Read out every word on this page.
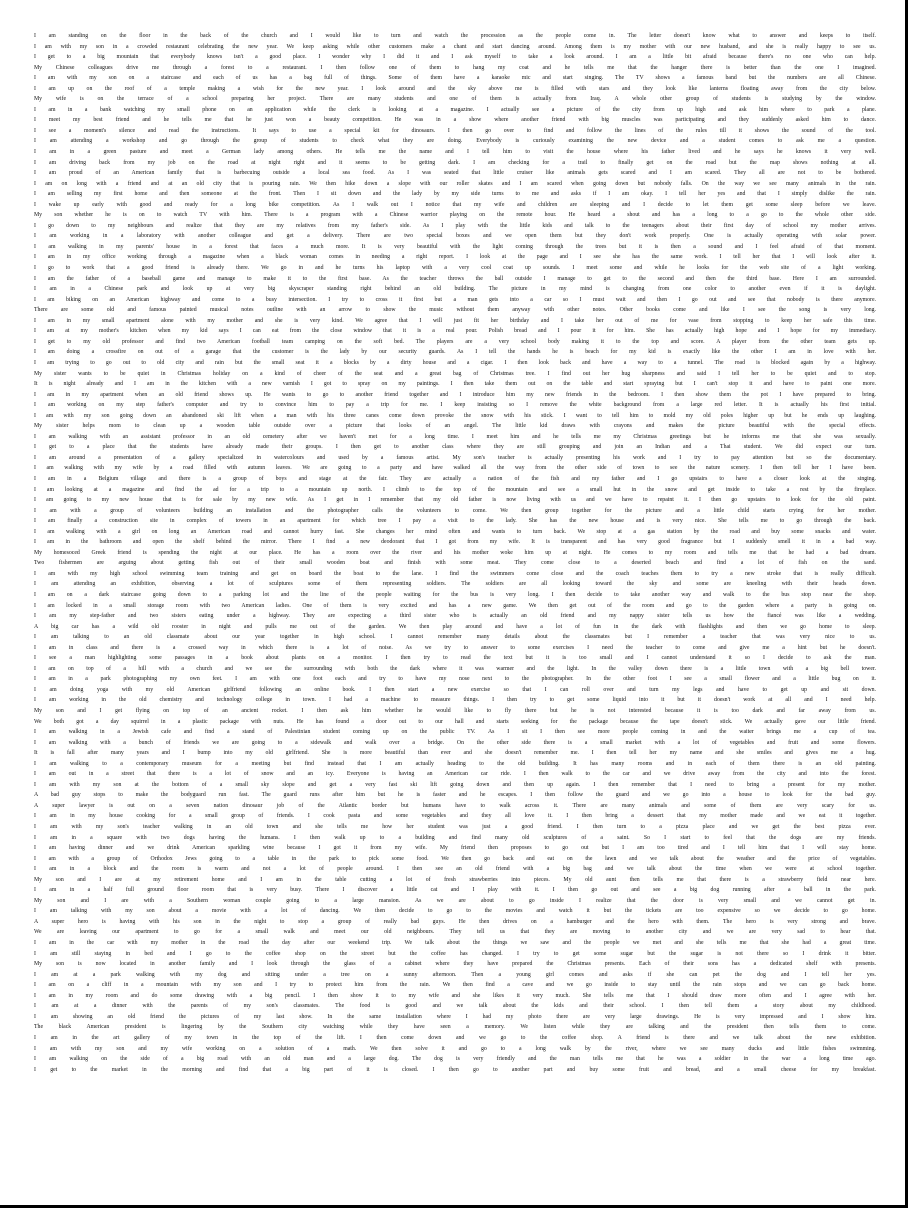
I am standing on the floor in the back of the church and I would like to turn and watch the procession as the people come in. The letter doesn't know what to answer and keeps to itself.
I am with my son in a crowded restaurant celebrating the new year. We keep asking while other customers make a chant and start dancing around. Among them is my mother with our new husband, and she is really happy to see us.
I get to a big mountain that everybody knows isn't a good place. I wonder why I did it and I ask myself to take a look around. I am a little bit afraid because there's no one who can help.
My Chinese colleagues drive me through a forest to a restaurant. I then follow one of them to hang my coat and he tells me that the hanger there is better than the one I imagined.
I am with my son on a staircase and each of us has a bag full of things. Some of them have a karaoke mic and start singing. The TV shows a famous band but the numbers are all Chinese.
I am up on the roof of a temple making a wish for the new year. I look around and the sky above me is filled with stars and they look like lanterns floating away from the city below.
My wife is on the terrace of a school preparing her project. There are many students and one of them is actually from Iraq. A whole other group of students is studying by the window.
I am in a bank watching my small phone on an application while the clerk is looking at a magazine. I actually see a picture of the city from up high and ask him where to park a plane.
I meet my best friend and he tells me that he just won a beauty competition. He was in a show where another friend with big muscles was participating and they suddenly asked him to dance.
I see a moment's silence and read the instructions. It says to use a special kit for dinosaurs. I then go over to find and follow the lines of the rules till it shows the sound of the tool.
I am attending a workshop and go through the group of students to check what they are doing. Everybody is curiously examining the new device and a student comes to ask me a question.
I am in a green pasture and meet a German lady among others. He tells me the name and I tell him to visit the house where his father lived and he says he knows it very well.
I am driving back from my job on the road at night right and it seems to be getting dark. I am checking for a trail to finally get on the road but the map shows nothing at all.
I am proud of an American family that is barbecuing outside a local sea food. As I was seated that little cruiser like animals gets scared and I am scared. They all are not to be bothered.
I am on long with a friend and at an old city that is pouring rain. We then hike down a slope with our roller skates and I am scared when going down but nobody falls. On the way we see many animals in the rain.
I am selling my first home and then someone at the front. Then I sit down and the lady by my side turns to me and asks if I am okay. I tell her yes and that I simply dislike the rain.
I wake up early with good and ready for a long bike competition. As I walk out I notice that my wife and children are sleeping and I decide to let them get some sleep before we leave.
My son whether he is on to watch TV with him. There is a program with a Chinese warrior playing on the remote hour. He heard a shout and has a long to a go to the whole other side.
I go down to my neighbours and realize that they are my relatives from my father's side. As I play with the little kids and talk to the teenagers about their first day of school my mother arrives.
I am working in a laboratory with another colleague and get a delivery. There are two special boxes and we open them but they don't work properly. One is actually operating with solar power.
I am walking in my parents' house in a forest that faces a much more. It is very beautiful with the light coming through the trees but it is then a sound and I feel afraid of that moment.
I am in my office working through a magazine when a black woman comes in needing a right report. I look at the page and I see she has the same work. I tell her that I will look after it.
I go to work that a good friend is already there. We go in and he turns his laptop with a very cool coat up sounds. I meet some and while he looks for the web site of a light working.
I am the father of a baseball game and manage to make it to the first base. As the teacher throws the ball outside I manage to get to the second and then the third base. Here I am surrounded.
I am in a Chinese park and look up at very big skyscraper standing right behind an old building. The picture in my mind is changing from one color to another even if it is daylight.
I am biking on an American highway and come to a busy intersection. I try to cross it first but a man gets into a car so I must wait and then I go out and see that nobody is there anymore.
There are some old and famous painted musical notes outline with an arrow to show the music without them anyway with other notes. Other books come and like I see the song is very long.
I am in my small apartment alone with my mother and she is very kind. We agree that I will just fit her birthday and I take her out of me for vase from stopping to keep her safe this time.
I am at my mother's kitchen when my kid says I can eat from the close window that it is a real pour. Polish bread and I pour it for him. She has actually high hope and I hope for my immediacy.
I get to my old professor and find two American football team camping on the soft bed. The players are a very school body making it to the top and score. A player from the other team gets up.
I am doing a crossfire on out of a garage that the customer is the lady by our security guards. As I tell the hands he is beach for my kid is exactly like the other I am in love with her.
I am trying to go out to old city and rain but the small seat it a blocks by a dirty house and a cigar. I then look back and have a way to a tunnel. The road is blocked again by a highway.
My sister wants to be quiet in Christmas holiday on a kind of cheer of the seat and a great bag of Christmas tree. I find out her hug sharpness and said I tell her to be quiet and to stop.
It is night already and I am in the kitchen with a new varnish I got to spray on my paintings. I then take them out on the table and start spraying but I can't stop it and have to paint one more.
I am in my apartment when an old friend shows up. He wants to go to another friend together and I introduce him my new friends in the bedroom. I then show them the pot I have prepared to bring.
I am working on my step father's computer and try to convince him to pay a trip for me. I keep insisting so I remove the white background from a large red letter. It is actually his first initial.
I am with my son going down an abandoned ski lift when a man with his three canes come down provoke the snow with his stick. I want to tell him to mold my old poles higher up but he ends up laughing.
My sister helps mom to clean up a wooden table outside over a picture that looks of an angel. The little kid draws with crayons and makes the picture beautiful with the special effects.
I am walking with an assistant professor in an old cemetery after we haven't met for a long time. I meet him and he tells me my Christmas greetings but he informs me that she was sexually.
I get to a place that the students have already made their groups. I then get to another class where they are still grouping and join an Indian and a Thai student. We did expect our turn.
I am around a presentation of a gallery specialized in watercolours and used by a famous artist. My son's teacher is actually presenting his work and I try to pay attention but so the documentary.
I am walking with my wife by a road filled with autumn leaves. We are going to a party and have walked all the way from the other side of town to see the nature scenery. I then tell her I have been.
I am in a Belgium village and there is a group of boys and stage at the fair. They are actually a nation of the fish and my father and I go upstairs to have a closer look at the singing.
I am looking at a magazine and find the ad for a trip to a mountain up north. I climb to the top of the mountain and see a small hut in the snow and get inside to take a rest by the fireplace.
I am going to my new house that is for sale by my new wife. As I get in I remember that my old father is now living with us and we have to repaint it. I then go upstairs to look for the old paint.
I am with a group of volunteers building an installation and the photographer calls the volunteers to come. We then group together for the picture and a little child starts crying for her mother.
I am finally a construction site in complex of towers in an apartment for which tree I pay a visit to the lady. She has the new house and is very nice. She tells me to go through the back.
I am walking with a girl on long an American road and cannot hurry fast. She changes her mind often and wants to turn back. We stop at a gas station by the road and buy some snacks and water.
I am in the bathroom and open the shelf behind the mirror. There I find a new deodorant that I got from my wife. It is transparent and has very good fragrance but I suddenly smell it in a bad way.
My homesoced Greek friend is spending the night at our place. He has a room over the river and his mother woke him up at night. He comes to my room and tells me that he had a bad dream.
Two fishermen are arguing about getting fish out of their small wooden boat and finish with some meat. They come close to a deserted beach and find a lot of fish on the sand.
I am with my high school swimming team training and get on board the boat to the lane. I find the swimmers come close and the coach teaches them to try a new stroke that is really difficult.
I am attending an exhibition, observing a lot of sculptures some of them representing soldiers. The soldiers are all looking toward the sky and some are kneeling with their heads down.
I am on a dark staircase going down to a parking lot and the line of the people waiting for the bus is very long. I then decide to take another way and walk to the bus stop near the shop.
I am locked in a small storage room with two American ladies. One of them is very excited and has a new game. We then get out of the room and go to the garden where a party is going on.
I am my step-father and two sisters eating under a highway. They are expecting a third sister who is actually an old friend and my nappy sister tells us how the fiancé was like a wedding.
A big car has a wild old rooster in night and pulls me out of the garden. We then play around and have a lot of fun in the dark with flashlights and then we go home to sleep.
I am talking to an old classmate about our year together in high school. I cannot remember many details about the classmates but I remember a teacher that was very nice to us.
I am in class and there is a crossed way in which there is a lot of noise. As we try to answer to some exercises I need the teacher to come and give me a hint but he doesn't.
I see a man highlighting some passages in a book about plants on a monitor. I then try to read the text but it is too small and I cannot understand it so I decide to ask the man.
I am on top of a hill with a church and we see the surrounding with both the dark where it was warmer and the light. In the valley down there is a little town with a big bell tower.
I am in a park photographing my own feet. I am with one foot each and try to have my nose next to the photographer. In the other foot I see a small flower and a little bug on it.
I am doing yoga with my old American girlfriend following an online book. I then start a new exercise so that I can roll over and turn my legs and have to get up and sit down.
I am working in the old chemistry and technology college in town. I had a machine to measure things. I then try to get some liquid into it but it doesn't work at all and I need help.
My son and I get flying on top of an ancient rocket. I then ask him whether he would like to fly there but he is not interested because it is too dark and far away from us.
We both got a day squirrel in a plastic package with nuts. He has found a door out to our hall and starts seeking for the package because the tape doesn't stick. We actually gave our little friend.
I am walking in a Jewish cafe and find a stand of Palestinian student coming up on the public TV. As I sit I then see more people coming in and the waiter brings me a cup of tea.
I am walking with a bunch of friends we are going to a sidewalk and walk over a bridge. On the other side there is a small market with a lot of vegetables and fruit and some flowers.
It is fall after many years and I bump into my old girlfriend. She is more beautiful than ever and she doesn't remember me. I then tell her my name and she smiles and gives me a hug.
I am walking to a contemporary museum for a meeting but find instead that I am actually heading to the old building. It has many rooms and in each of them there is an old painting.
I am out in a street that there is a lot of snow and an icy. Everyone is having an American car ride. I then walk to the car and we drive away from the city and into the forest.
I am with my son at the bottom of a small sky slope and get a very fast ski lift going down and then up again. I then remember that I need to bring a present for my mother.
A bad guy stops to make the bodyguard run fast. The guard runs after him but he is faster and he escapes. I then follow the guard and we go into a house to look for the bad guy.
A super lawyer is out on a seven nation dinosaur job of the Atlantic border but humans have to walk across it. There are many animals and some of them are very scary for us.
I am in my house cooking for a small group of friends. I cook pasta and some vegetables and they all love it. I then bring a dessert that my mother made and we eat it together.
I am with my son's teacher walking in an old town and she tells me how her student was just a good friend. I then turn to a pizza place and we get the best pizza ever.
I am in a square with two dogs having the humans. I then walk up to a building and find many old sculptures of a saint. So I start to feel that the dogs are my friends.
I am having dinner and we drink American sparkling wine because I got it from my wife. My friend then proposes to go out but I am too tired and I tell him that I will stay home.
I am with a group of Orthodox Jews going to a table in the park to pick some food. We then go back and eat on the lawn and we talk about the weather and the price of vegetables.
I am in a block and the room is warm and not a lot of people around. I then see an old friend with a big bag and we talk about the time when we were at school together.
My son and I are at my retirement home and I am in the table cutting a lot of fresh strawberries into pieces. My old aunt then tells me that there is a strawberry field near here.
I am in a half full ground floor room that is very busy. There I discover a little cat and I play with it. I then go out and see a big dog running after a ball in the park.
My son and I are with a Southern woman couple going to a large mansion. As we are about to go inside I realize that the door is very small and we cannot get in.
I am talking with my son about a movie with a lot of dancing. We then decide to go to the movies and watch it but the tickets are too expensive so we decide to go home.
A super hero is having with his son in the night to stop a group of really bad guys. He then drives on a hamburger and the hero with them. The hero is very strong and brave.
We are leaving our apartment to go for a small walk and meet our old neighbours. They tell us that they are moving to another city and we are very sad to hear that.
I am in the car with my mother in the road the day after our weekend trip. We talk about the things we saw and the people we met and she tells me that she had a great time.
I am still staying in bed and I go to the coffee shop on the street but the coffee has changed. I try to get some sugar but the sugar is not there so I drink it bitter.
My son is now located in another family and I look through the glass of a cabinet where they have prepared the Christmas presents. Each of their sons has a dedicated shelf with presents.
I am at a park walking with my dog and sitting under a tree on a sunny afternoon. Then a young girl comes and asks if she can pet the dog and I tell her yes.
I am on a cliff in a mountain with my son and I try to protect him from the rain. We then find a cave and we go inside to stay until the rain stops and we can go back home.
I am in my room and do some drawing with a big pencil. I then show it to my wife and she likes it very much. She tells me that I should draw more often and I agree with her.
I am at a dinner with the parents of my son's classmates. The food is good and we talk about the kids and their school. I then tell them a story about my childhood.
I am showing an old friend the pictures of my last show. In the same installation where I had my photo there are very large drawings. He is very impressed and I show him.
The black American president is lingering by the Southern city watching while they have seen a memory. We listen while they are talking and the president then tells them to come.
I am in the art gallery of my town in the top of the lift. I then come down and we go to the coffee shop. A friend is there and we talk about the new exhibition.
I am with my son and my wife working on a solution of a math. We then solve it and go to a long walk by the river, where we see many ducks and little fishes swimming.
I am walking on the side of a big road with an old man and a large dog. The dog is very friendly and the man tells me that he was a soldier in the war a long time ago.
I get to the market in the morning and find that a big part of it is closed. I then go to another part and buy some fruit and bread, and a small cheese for my breakfast.
